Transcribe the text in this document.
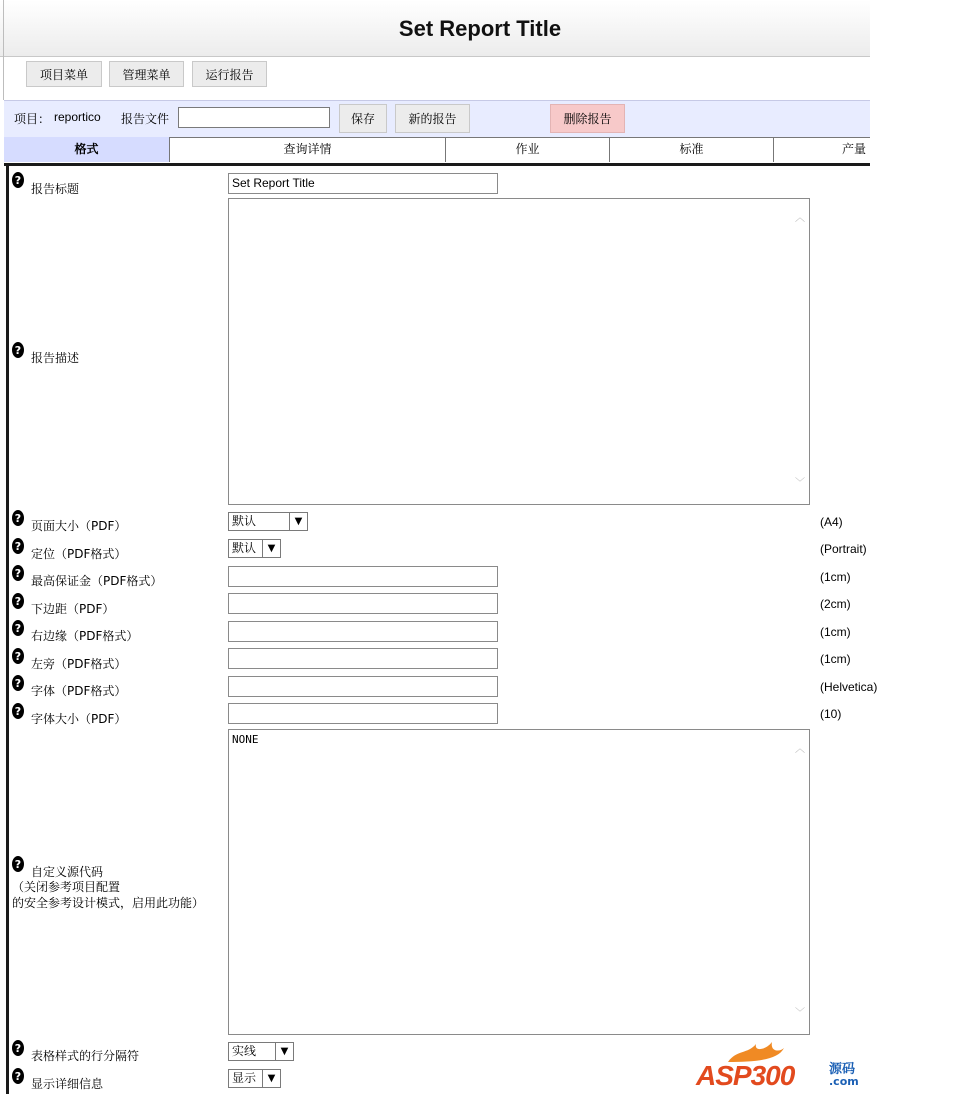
Set Report Title
项目菜单	管理菜单	运行报告
项目： reportico 报告文件	保存	新的报告	删除报告
格式	查询详情	作业	标准	产量
?
报告标题	Set Report Title
?
报告描述
︿
﹀
?
页面大小（PDF）	默认	▼	(A4)
?
定位（PDF格式）	默认	▼	(Portrait)
?
最高保证金（PDF格式）	(1cm)
?
下边距（PDF）	(2cm)
?
右边缘（PDF格式）	(1cm)
?
左旁（PDF格式）	(1cm)
?
字体（PDF格式）	(Helvetica)
?
字体大小（PDF）	(10)
?
自定义源代码
（关闭参考项目配置
的安全参考设计模式，启用此功能）
NONE
︿
﹀
?
表格样式的行分隔符	实线	▼
?
显示详细信息	显示	▼	ASP300	源码
.com
